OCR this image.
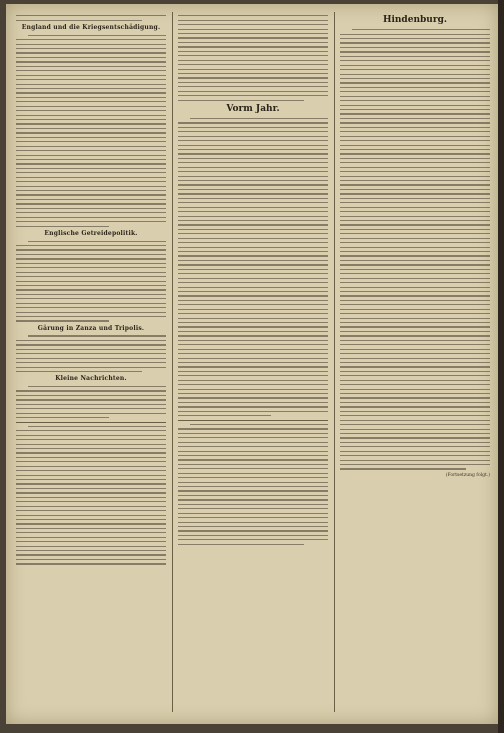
England und die Kriegsentschädigung.
Englische Getreidepolitik.
Gärung in Zanza und Tripolis.
Kleine Nachrichten.
Vorm Jahr.
Hindenburg.
(Fortsetzung folgt.)
